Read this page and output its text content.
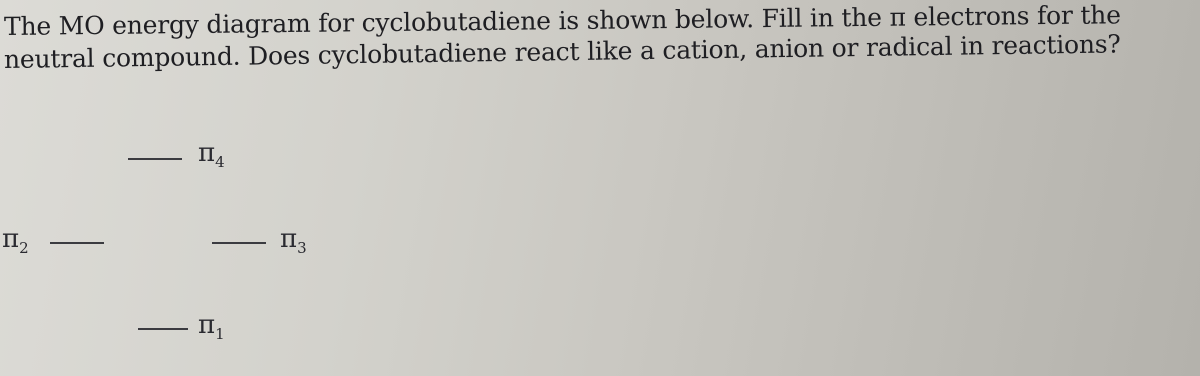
The MO energy diagram for cyclobutadiene is shown below. Fill in the π electrons for the
neutral compound. Does cyclobutadiene react like a cation, anion or radical in reactions?
$\pi_4$
$\pi_2$	$\pi_3$
$\pi_1$
